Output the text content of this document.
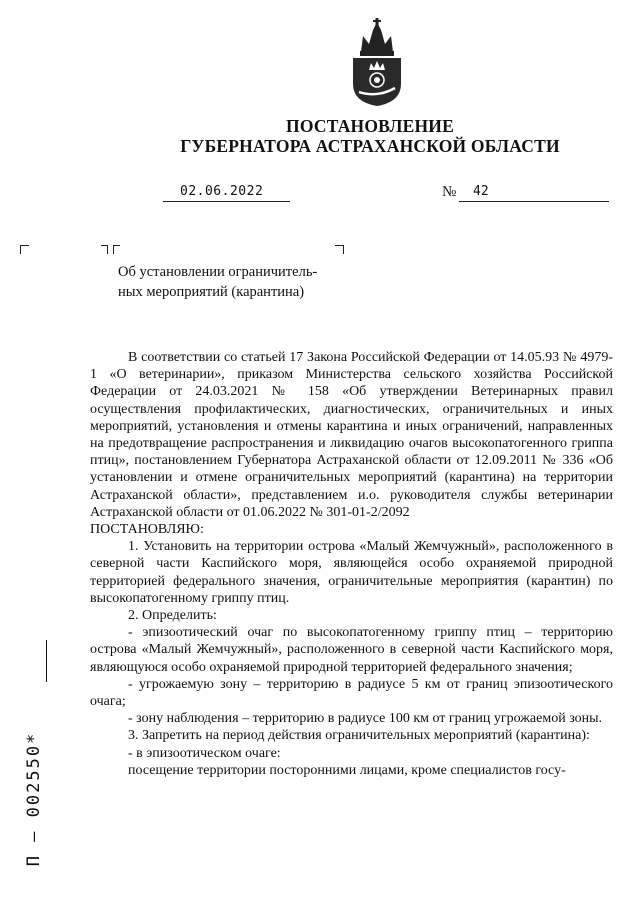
ПОСТАНОВЛЕНИЕ
ГУБЕРНАТОРА АСТРАХАНСКОЙ ОБЛАСТИ
02.06.2022	№ 42
Об установлении ограничитель-
ных мероприятий (карантина)

В соответствии со статьей 17 Закона Российской Федерации от 14.05.93 № 4979-1 «О ветеринарии», приказом Министерства сельского хозяйства Российской Федерации от 24.03.2021 № 158 «Об утверждении Ветеринарных правил осуществления профилактических, диагностических, ограничительных и иных мероприятий, установления и отмены карантина и иных ограничений, направленных на предотвращение распространения и ликвидацию очагов высокопатогенного гриппа птиц», постановлением Губернатора Астраханской области от 12.09.2011 № 336 «Об установлении и отмене ограничительных мероприятий (карантина) на территории Астраханской области», представлением и.о. руководителя службы ветеринарии Астраханской области от 01.06.2022 № 301-01-2/2092

ПОСТАНОВЛЯЮ:

1. Установить на территории острова «Малый Жемчужный», расположенного в северной части Каспийского моря, являющейся особо охраняемой природной территорией федерального значения, ограничительные мероприятия (карантин) по высокопатогенному гриппу птиц.

2. Определить:

- эпизоотический очаг по высокопатогенному гриппу птиц – территорию острова «Малый Жемчужный», расположенного в северной части Каспийского моря, являющуюся особо охраняемой природной территорией федерального значения;

- угрожаемую зону – территорию в радиусе 5 км от границ эпизоотического очага;

- зону наблюдения – территорию в радиусе 100 км от границ угрожаемой зоны.

3. Запретить на период действия ограничительных мероприятий (карантина):

- в эпизоотическом очаге:

посещение территории посторонними лицами, кроме специалистов госу-

П – 002550*
